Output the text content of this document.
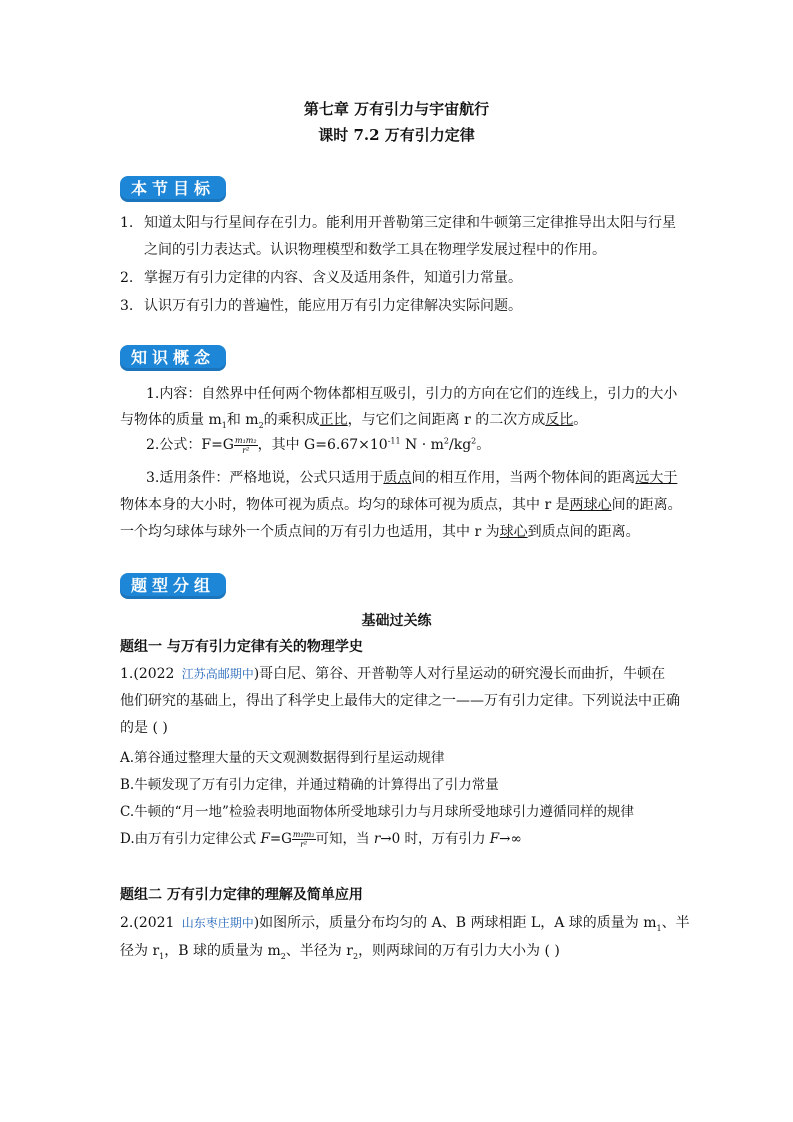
第七章 万有引力与宇宙航行
课时 7.2 万有引力定律
本节目标
1. 知道太阳与行星间存在引力。能利用开普勒第三定律和牛顿第三定律推导出太阳与行星
之间的引力表达式。认识物理模型和数学工具在物理学发展过程中的作用。
2. 掌握万有引力定律的内容、含义及适用条件，知道引力常量。
3. 认识万有引力的普遍性，能应用万有引力定律解决实际问题。
知识概念
1.内容：自然界中任何两个物体都相互吸引，引力的方向在它们的连线上，引力的大小
与物体的质量 $m_1$和 $m_2$的乘积成正比，与它们之间距离 r 的二次方成反比。
2.公式：$F=G \frac{\text{m₁m₂}}{\text{r²}}$ ，其中 $G=6.67\times 10^{-11}$ $N \cdot m^2/kg^2$。
3.适用条件：严格地说，公式只适用于质点间的相互作用，当两个物体间的距离远大于
物体本身的大小时，物体可视为质点。均匀的球体可视为质点，其中 r 是两球心间的距离。
一个均匀球体与球外一个质点间的万有引力也适用，其中 r 为球心到质点间的距离。
题型分组
基础过关练
题组一 与万有引力定律有关的物理学史
1.(2022 江苏高邮期中)哥白尼、第谷、开普勒等人对行星运动的研究漫长而曲折，牛顿在
他们研究的基础上，得出了科学史上最伟大的定律之一——万有引力定律。下列说法中正确
的是 ( )
A.第谷通过整理大量的天文观测数据得到行星运动规律
B.牛顿发现了万有引力定律，并通过精确的计算得出了引力常量
C.牛顿的“月一地”检验表明地面物体所受地球引力与月球所受地球引力遵循同样的规律
D.由万有引力定律公式 $F=G \frac{\text{m₁m₂}}{\text{r²}}$ 可知，当 r→0 时，万有引力 F→∞
题组二 万有引力定律的理解及简单应用
2.(2021 山东枣庄期中)如图所示，质量分布均匀的 A、B 两球相距 L，A 球的质量为 $m_1$、半
径为 $r_1$，B 球的质量为 $m_2$、半径为 $r_2$，则两球间的万有引力大小为 ( )
